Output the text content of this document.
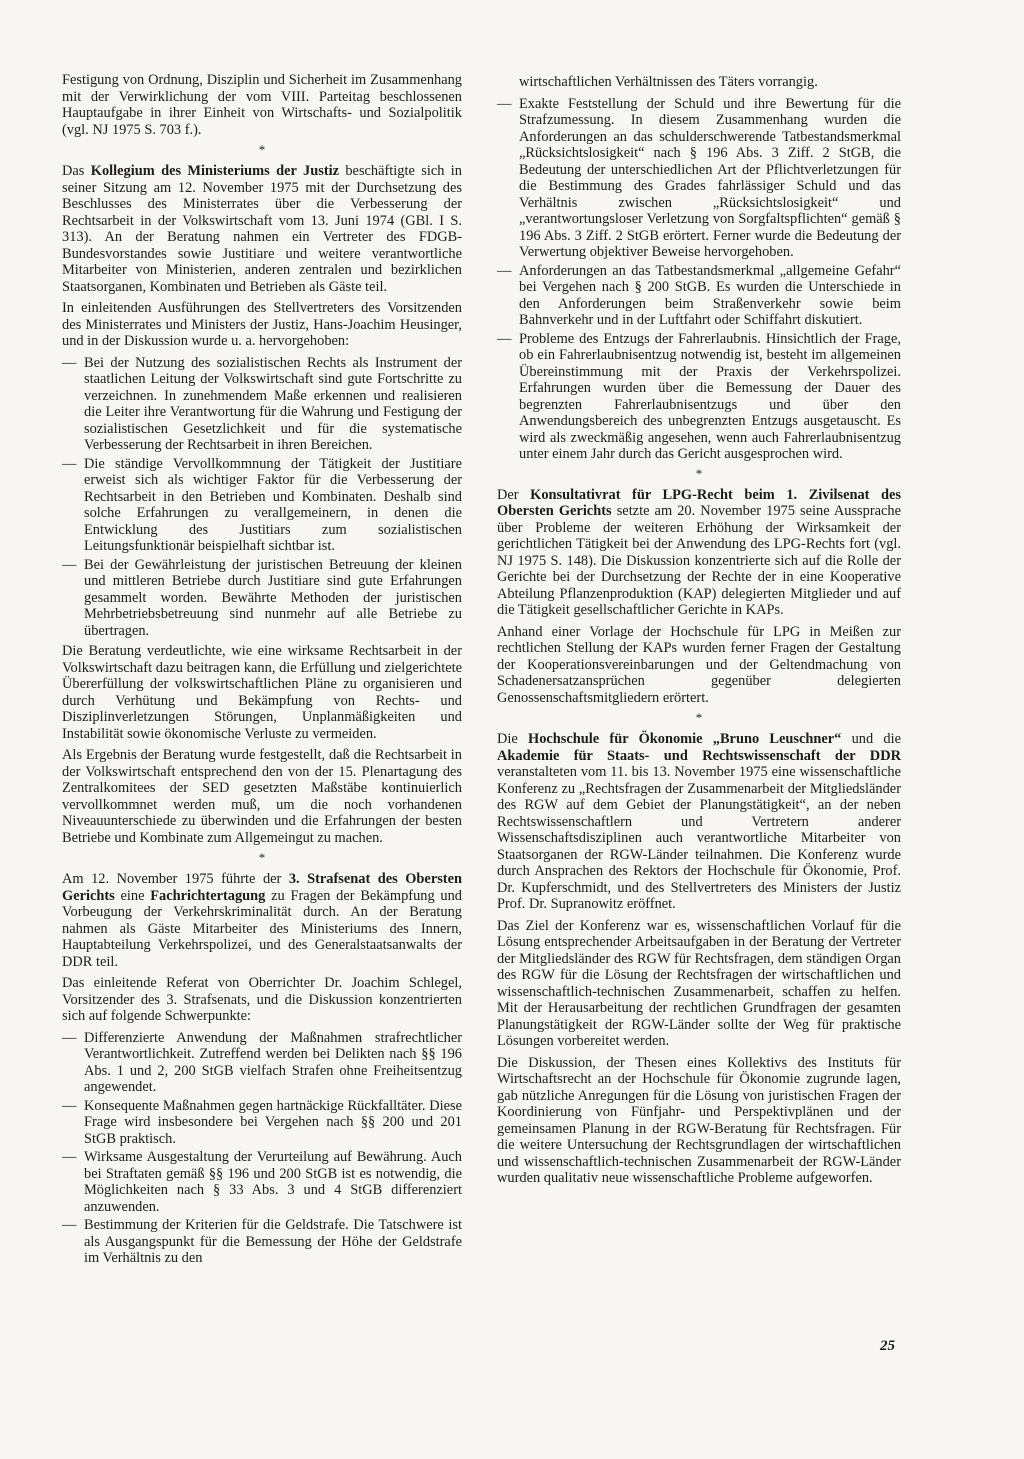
Festigung von Ordnung, Disziplin und Sicherheit im Zusammenhang mit der Verwirklichung der vom VIII. Parteitag beschlossenen Hauptaufgabe in ihrer Einheit von Wirtschafts- und Sozialpolitik (vgl. NJ 1975 S. 703 f.).

*

Das Kollegium des Ministeriums der Justiz beschäftigte sich in seiner Sitzung am 12. November 1975 mit der Durchsetzung des Beschlusses des Ministerrates über die Verbesserung der Rechtsarbeit in der Volkswirtschaft vom 13. Juni 1974 (GBl. I S. 313). An der Beratung nahmen ein Vertreter des FDGB-Bundesvorstandes sowie Justitiare und weitere verantwortliche Mitarbeiter von Ministerien, anderen zentralen und bezirklichen Staatsorganen, Kombinaten und Betrieben als Gäste teil.

In einleitenden Ausführungen des Stellvertreters des Vorsitzenden des Ministerrates und Ministers der Justiz, Hans-Joachim Heusinger, und in der Diskussion wurde u. a. hervorgehoben:

— Bei der Nutzung des sozialistischen Rechts als Instrument der staatlichen Leitung der Volkswirtschaft sind gute Fortschritte zu verzeichnen. In zunehmendem Maße erkennen und realisieren die Leiter ihre Verantwortung für die Wahrung und Festigung der sozialistischen Gesetzlichkeit und für die systematische Verbesserung der Rechtsarbeit in ihren Bereichen.
— Die ständige Vervollkommnung der Tätigkeit der Justitiare erweist sich als wichtiger Faktor für die Verbesserung der Rechtsarbeit in den Betrieben und Kombinaten. Deshalb sind solche Erfahrungen zu verallgemeinern, in denen die Entwicklung des Justitiars zum sozialistischen Leitungsfunktionär beispielhaft sichtbar ist.
— Bei der Gewährleistung der juristischen Betreuung der kleinen und mittleren Betriebe durch Justitiare sind gute Erfahrungen gesammelt worden. Bewährte Methoden der juristischen Mehrbetriebsbetreuung sind nunmehr auf alle Betriebe zu übertragen.

Die Beratung verdeutlichte, wie eine wirksame Rechtsarbeit in der Volkswirtschaft dazu beitragen kann, die Erfüllung und zielgerichtete Übererfüllung der volkswirtschaftlichen Pläne zu organisieren und durch Verhütung und Bekämpfung von Rechts- und Disziplinverletzungen Störungen, Unplanmäßigkeiten und Instabilität sowie ökonomische Verluste zu vermeiden.

Als Ergebnis der Beratung wurde festgestellt, daß die Rechtsarbeit in der Volkswirtschaft entsprechend den von der 15. Plenartagung des Zentralkomitees der SED gesetzten Maßstäbe kontinuierlich vervollkommnet werden muß, um die noch vorhandenen Niveauunterschiede zu überwinden und die Erfahrungen der besten Betriebe und Kombinate zum Allgemeingut zu machen.

*

Am 12. November 1975 führte der 3. Strafsenat des Obersten Gerichts eine Fachrichtertagung zu Fragen der Bekämpfung und Vorbeugung der Verkehrskriminalität durch. An der Beratung nahmen als Gäste Mitarbeiter des Ministeriums des Innern, Hauptabteilung Verkehrspolizei, und des Generalstaatsanwalts der DDR teil.

Das einleitende Referat von Oberrichter Dr. Joachim Schlegel, Vorsitzender des 3. Strafsenats, und die Diskussion konzentrierten sich auf folgende Schwerpunkte:

— Differenzierte Anwendung der Maßnahmen strafrechtlicher Verantwortlichkeit. Zutreffend werden bei Delikten nach §§ 196 Abs. 1 und 2, 200 StGB vielfach Strafen ohne Freiheitsentzug angewendet.
— Konsequente Maßnahmen gegen hartnäckige Rückfalltäter. Diese Frage wird insbesondere bei Vergehen nach §§ 200 und 201 StGB praktisch.
— Wirksame Ausgestaltung der Verurteilung auf Bewährung. Auch bei Straftaten gemäß §§ 196 und 200 StGB ist es notwendig, die Möglichkeiten nach § 33 Abs. 3 und 4 StGB differenziert anzuwenden.
— Bestimmung der Kriterien für die Geldstrafe. Die Tatschwere ist als Ausgangspunkt für die Bemessung der Höhe der Geldstrafe im Verhältnis zu den

wirtschaftlichen Verhältnissen des Täters vorrangig.

— Exakte Feststellung der Schuld und ihre Bewertung für die Strafzumessung. In diesem Zusammenhang wurden die Anforderungen an das schulderschwerende Tatbestandsmerkmal „Rücksichtslosigkeit“ nach § 196 Abs. 3 Ziff. 2 StGB, die Bedeutung der unterschiedlichen Art der Pflichtverletzungen für die Bestimmung des Grades fahrlässiger Schuld und das Verhältnis zwischen „Rücksichtslosigkeit“ und „verantwortungsloser Verletzung von Sorgfaltspflichten“ gemäß § 196 Abs. 3 Ziff. 2 StGB erörtert. Ferner wurde die Bedeutung der Verwertung objektiver Beweise hervorgehoben.
— Anforderungen an das Tatbestandsmerkmal „allgemeine Gefahr“ bei Vergehen nach § 200 StGB. Es wurden die Unterschiede in den Anforderungen beim Straßenverkehr sowie beim Bahnverkehr und in der Luftfahrt oder Schiffahrt diskutiert.
— Probleme des Entzugs der Fahrerlaubnis. Hinsichtlich der Frage, ob ein Fahrerlaubnisentzug notwendig ist, besteht im allgemeinen Übereinstimmung mit der Praxis der Verkehrspolizei. Erfahrungen wurden über die Bemessung der Dauer des begrenzten Fahrerlaubnisentzugs und über den Anwendungsbereich des unbegrenzten Entzugs ausgetauscht. Es wird als zweckmäßig angesehen, wenn auch Fahrerlaubnisentzug unter einem Jahr durch das Gericht ausgesprochen wird.
*

Der Konsultativrat für LPG-Recht beim 1. Zivilsenat des Obersten Gerichts setzte am 20. November 1975 seine Aussprache über Probleme der weiteren Erhöhung der Wirksamkeit der gerichtlichen Tätigkeit bei der Anwendung des LPG-Rechts fort (vgl. NJ 1975 S. 148). Die Diskussion konzentrierte sich auf die Rolle der Gerichte bei der Durchsetzung der Rechte der in eine Kooperative Abteilung Pflanzenproduktion (KAP) delegierten Mitglieder und auf die Tätigkeit gesellschaftlicher Gerichte in KAPs.

Anhand einer Vorlage der Hochschule für LPG in Meißen zur rechtlichen Stellung der KAPs wurden ferner Fragen der Gestaltung der Kooperationsvereinbarungen und der Geltendmachung von Schadenersatzansprüchen gegenüber delegierten Genossenschaftsmitgliedern erörtert.

*

Die Hochschule für Ökonomie „Bruno Leuschner“ und die Akademie für Staats- und Rechtswissenschaft der DDR veranstalteten vom 11. bis 13. November 1975 eine wissenschaftliche Konferenz zu „Rechtsfragen der Zusammenarbeit der Mitgliedsländer des RGW auf dem Gebiet der Planungstätigkeit“, an der neben Rechtswissenschaftlern und Vertretern anderer Wissenschaftsdisziplinen auch verantwortliche Mitarbeiter von Staatsorganen der RGW-Länder teilnahmen. Die Konferenz wurde durch Ansprachen des Rektors der Hochschule für Ökonomie, Prof. Dr. Kupferschmidt, und des Stellvertreters des Ministers der Justiz Prof. Dr. Supranowitz eröffnet.

Das Ziel der Konferenz war es, wissenschaftlichen Vorlauf für die Lösung entsprechender Arbeitsaufgaben in der Beratung der Vertreter der Mitgliedsländer des RGW für Rechtsfragen, dem ständigen Organ des RGW für die Lösung der Rechtsfragen der wirtschaftlichen und wissenschaftlich-technischen Zusammenarbeit, schaffen zu helfen. Mit der Herausarbeitung der rechtlichen Grundfragen der gesamten Planungstätigkeit der RGW-Länder sollte der Weg für praktische Lösungen vorbereitet werden.

Die Diskussion, der Thesen eines Kollektivs des Instituts für Wirtschaftsrecht an der Hochschule für Ökonomie zugrunde lagen, gab nützliche Anregungen für die Lösung von juristischen Fragen der Koordinierung von Fünfjahr- und Perspektivplänen und der gemeinsamen Planung in der RGW-Beratung für Rechtsfragen. Für die weitere Untersuchung der Rechtsgrundlagen der wirtschaftlichen und wissenschaftlich-technischen Zusammenarbeit der RGW-Länder wurden qualitativ neue wissenschaftliche Probleme aufgeworfen.

25
